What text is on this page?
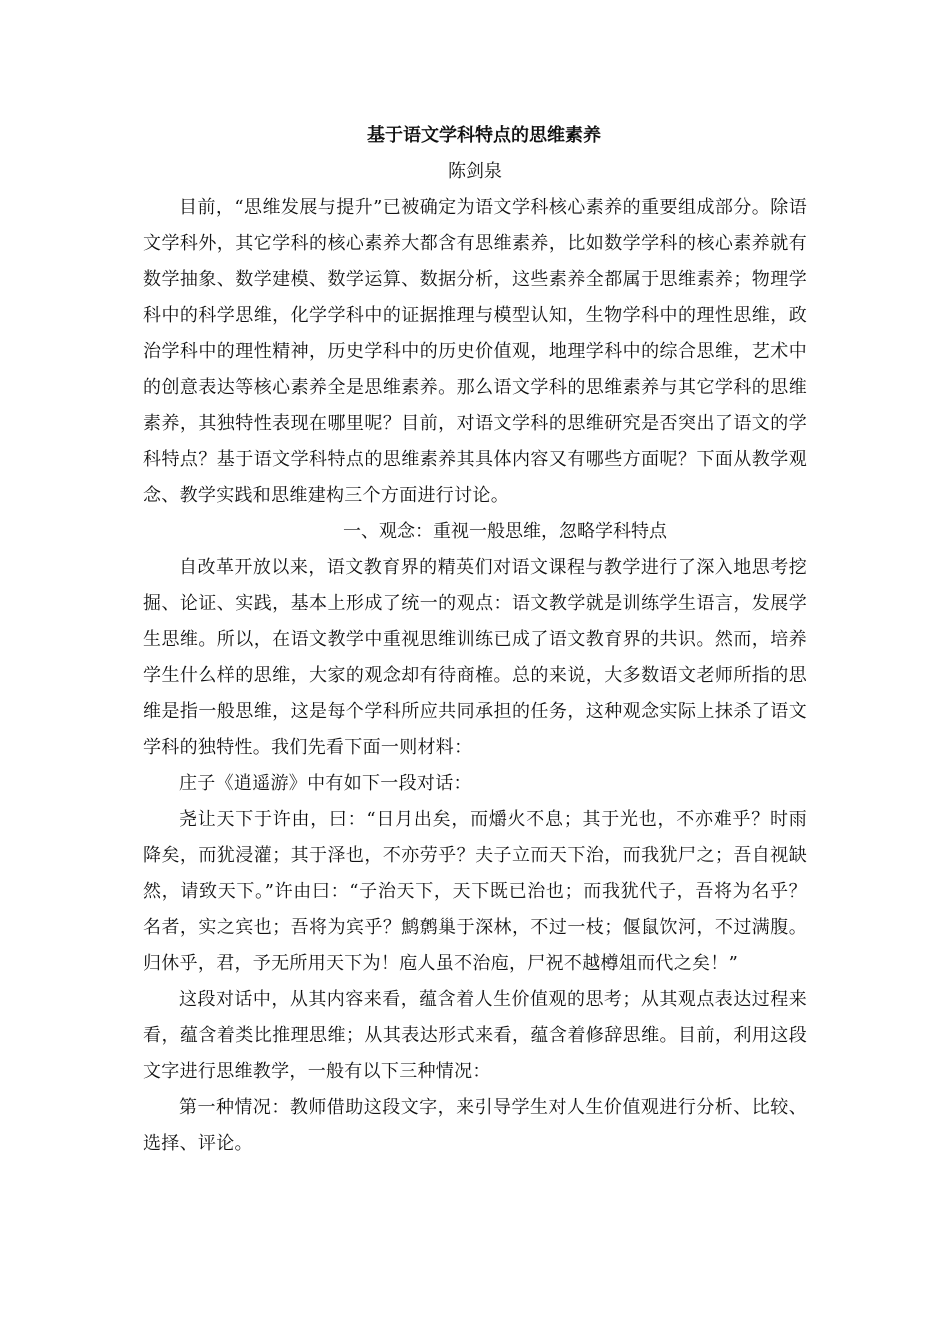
基于语文学科特点的思维素养
陈剑泉

目前，“思维发展与提升”已被确定为语文学科核心素养的重要组成部分。除语文学科外，其它学科的核心素养大都含有思维素养，比如数学学科的核心素养就有数学抽象、数学建模、数学运算、数据分析，这些素养全都属于思维素养；物理学科中的科学思维，化学学科中的证据推理与模型认知，生物学科中的理性思维，政治学科中的理性精神，历史学科中的历史价值观，地理学科中的综合思维，艺术中的创意表达等核心素养全是思维素养。那么语文学科的思维素养与其它学科的思维素养，其独特性表现在哪里呢？目前，对语文学科的思维研究是否突出了语文的学科特点？基于语文学科特点的思维素养其具体内容又有哪些方面呢？下面从教学观念、教学实践和思维建构三个方面进行讨论。

一、观念：重视一般思维，忽略学科特点

自改革开放以来，语文教育界的精英们对语文课程与教学进行了深入地思考挖掘、论证、实践，基本上形成了统一的观点：语文教学就是训练学生语言，发展学生思维。所以，在语文教学中重视思维训练已成了语文教育界的共识。然而，培养学生什么样的思维，大家的观念却有待商榷。总的来说，大多数语文老师所指的思维是指一般思维，这是每个学科所应共同承担的任务，这种观念实际上抹杀了语文学科的独特性。我们先看下面一则材料：

庄子《逍遥游》中有如下一段对话：

尧让天下于许由，曰：“日月出矣，而爝火不息；其于光也，不亦难乎？时雨降矣，而犹浸灌；其于泽也，不亦劳乎？夫子立而天下治，而我犹尸之；吾自视缺然，请致天下。”许由曰：“子治天下，天下既已治也；而我犹代子，吾将为名乎？名者，实之宾也；吾将为宾乎？鹪鹩巢于深林，不过一枝；偃鼠饮河，不过满腹。归休乎，君，予无所用天下为！庖人虽不治庖，尸祝不越樽俎而代之矣！”

这段对话中，从其内容来看，蕴含着人生价值观的思考；从其观点表达过程来看，蕴含着类比推理思维；从其表达形式来看，蕴含着修辞思维。目前，利用这段文字进行思维教学，一般有以下三种情况：

第一种情况：教师借助这段文字，来引导学生对人生价值观进行分析、比较、选择、评论。
